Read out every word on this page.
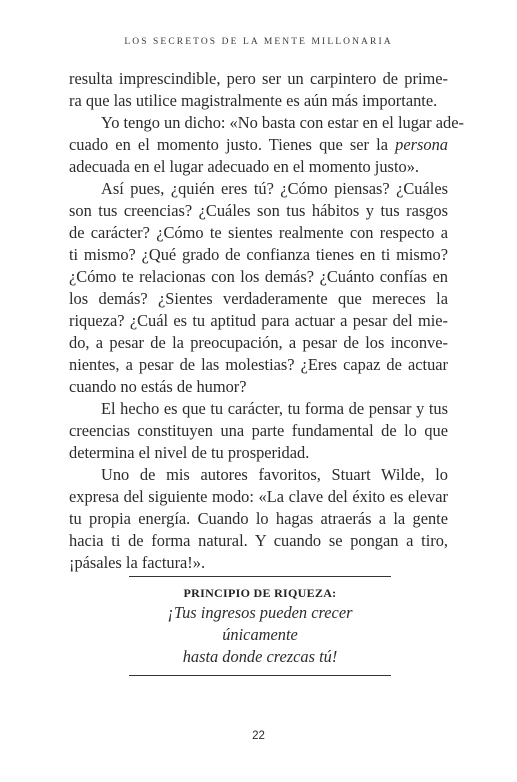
LOS SECRETOS DE LA MENTE MILLONARIA
resulta imprescindible, pero ser un carpintero de prime-
ra que las utilice magistralmente es aún más importante.
Yo tengo un dicho: «No basta con estar en el lugar ade-
cuado en el momento justo. Tienes que ser la persona
adecuada en el lugar adecuado en el momento justo».
Así pues, ¿quién eres tú? ¿Cómo piensas? ¿Cuáles
son tus creencias? ¿Cuáles son tus hábitos y tus rasgos
de carácter? ¿Cómo te sientes realmente con respecto a
ti mismo? ¿Qué grado de confianza tienes en ti mismo?
¿Cómo te relacionas con los demás? ¿Cuánto confías en
los demás? ¿Sientes verdaderamente que mereces la
riqueza? ¿Cuál es tu aptitud para actuar a pesar del mie-
do, a pesar de la preocupación, a pesar de los inconve-
nientes, a pesar de las molestias? ¿Eres capaz de actuar
cuando no estás de humor?
El hecho es que tu carácter, tu forma de pensar y tus
creencias constituyen una parte fundamental de lo que
determina el nivel de tu prosperidad.
Uno de mis autores favoritos, Stuart Wilde, lo
expresa del siguiente modo: «La clave del éxito es elevar
tu propia energía. Cuando lo hagas atraerás a la gente
hacia ti de forma natural. Y cuando se pongan a tiro,
¡pásales la factura!».
PRINCIPIO DE RIQUEZA:
¡Tus ingresos pueden crecer únicamente
hasta donde crezcas tú!
22
